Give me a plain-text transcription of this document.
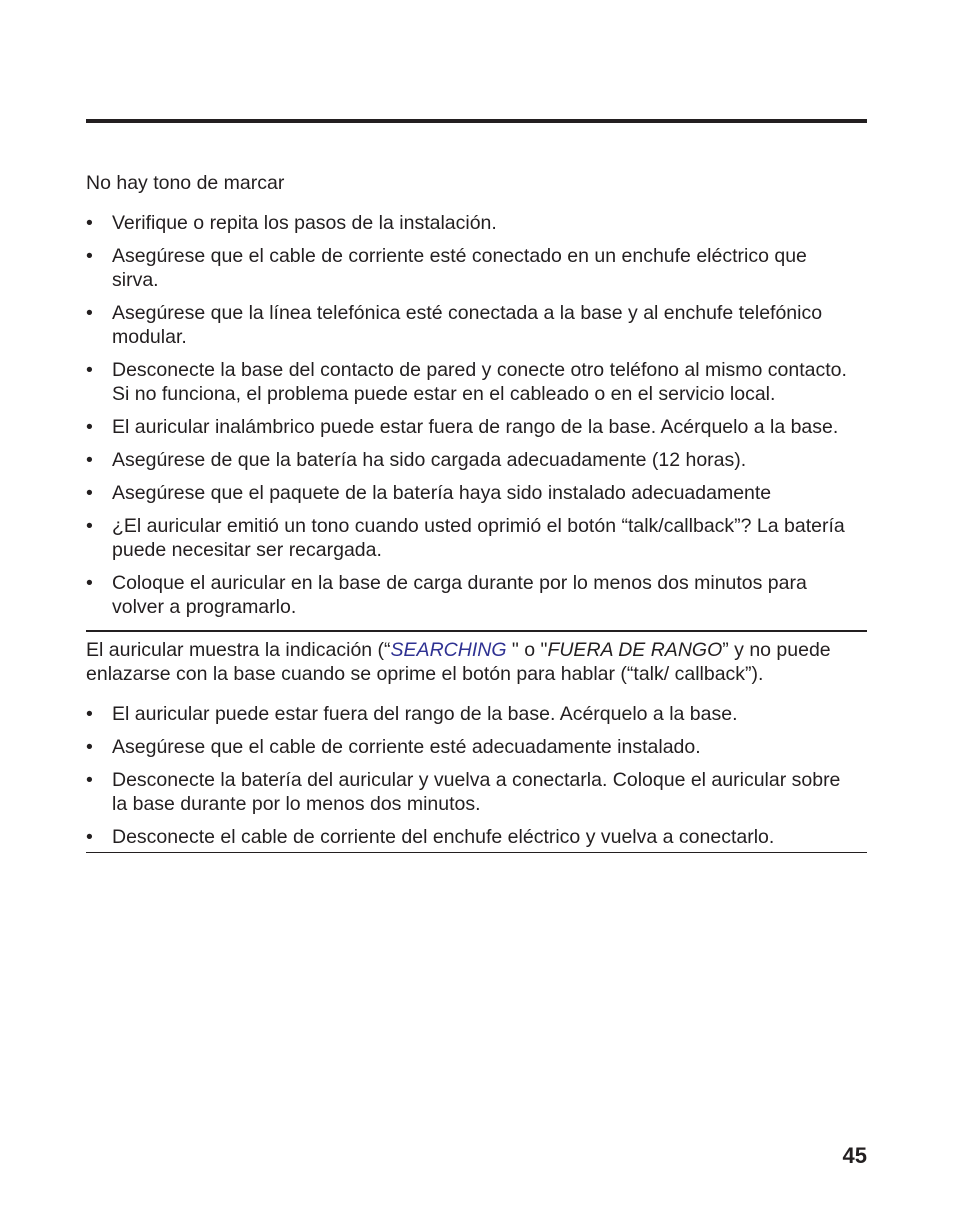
No hay tono de marcar

• Verifique o repita los pasos de la instalación.
• Asegúrese que el cable de corriente esté conectado en un enchufe eléctrico que sirva.
• Asegúrese que la línea telefónica esté conectada a la base y al enchufe telefónico modular.
• Desconecte la base del contacto de pared y conecte otro teléfono al mismo contacto. Si no funciona, el problema puede estar en el cableado o en el servicio local.
• El auricular inalámbrico puede estar fuera de rango de la base. Acérquelo a la base.
• Asegúrese de que la batería ha sido cargada adecuadamente (12 horas).
• Asegúrese que el paquete de la batería haya sido instalado adecuadamente
• ¿El auricular emitió un tono cuando usted oprimió el botón “talk/callback”? La batería puede necesitar ser recargada.
• Coloque el auricular en la base de carga durante por lo menos dos minutos para volver a programarlo.

El auricular muestra la indicación (“SEARCHING " o "FUERA DE RANGO” y no puede enlazarse con la base cuando se oprime el botón para hablar (“talk/ callback”).

• El auricular puede estar fuera del rango de la base. Acérquelo a la base.
• Asegúrese que el cable de corriente esté adecuadamente instalado.
• Desconecte la batería del auricular y vuelva a conectarla. Coloque el auricular sobre la base durante por lo menos dos minutos.
• Desconecte el cable de corriente del enchufe eléctrico y vuelva a conectarlo.
45
